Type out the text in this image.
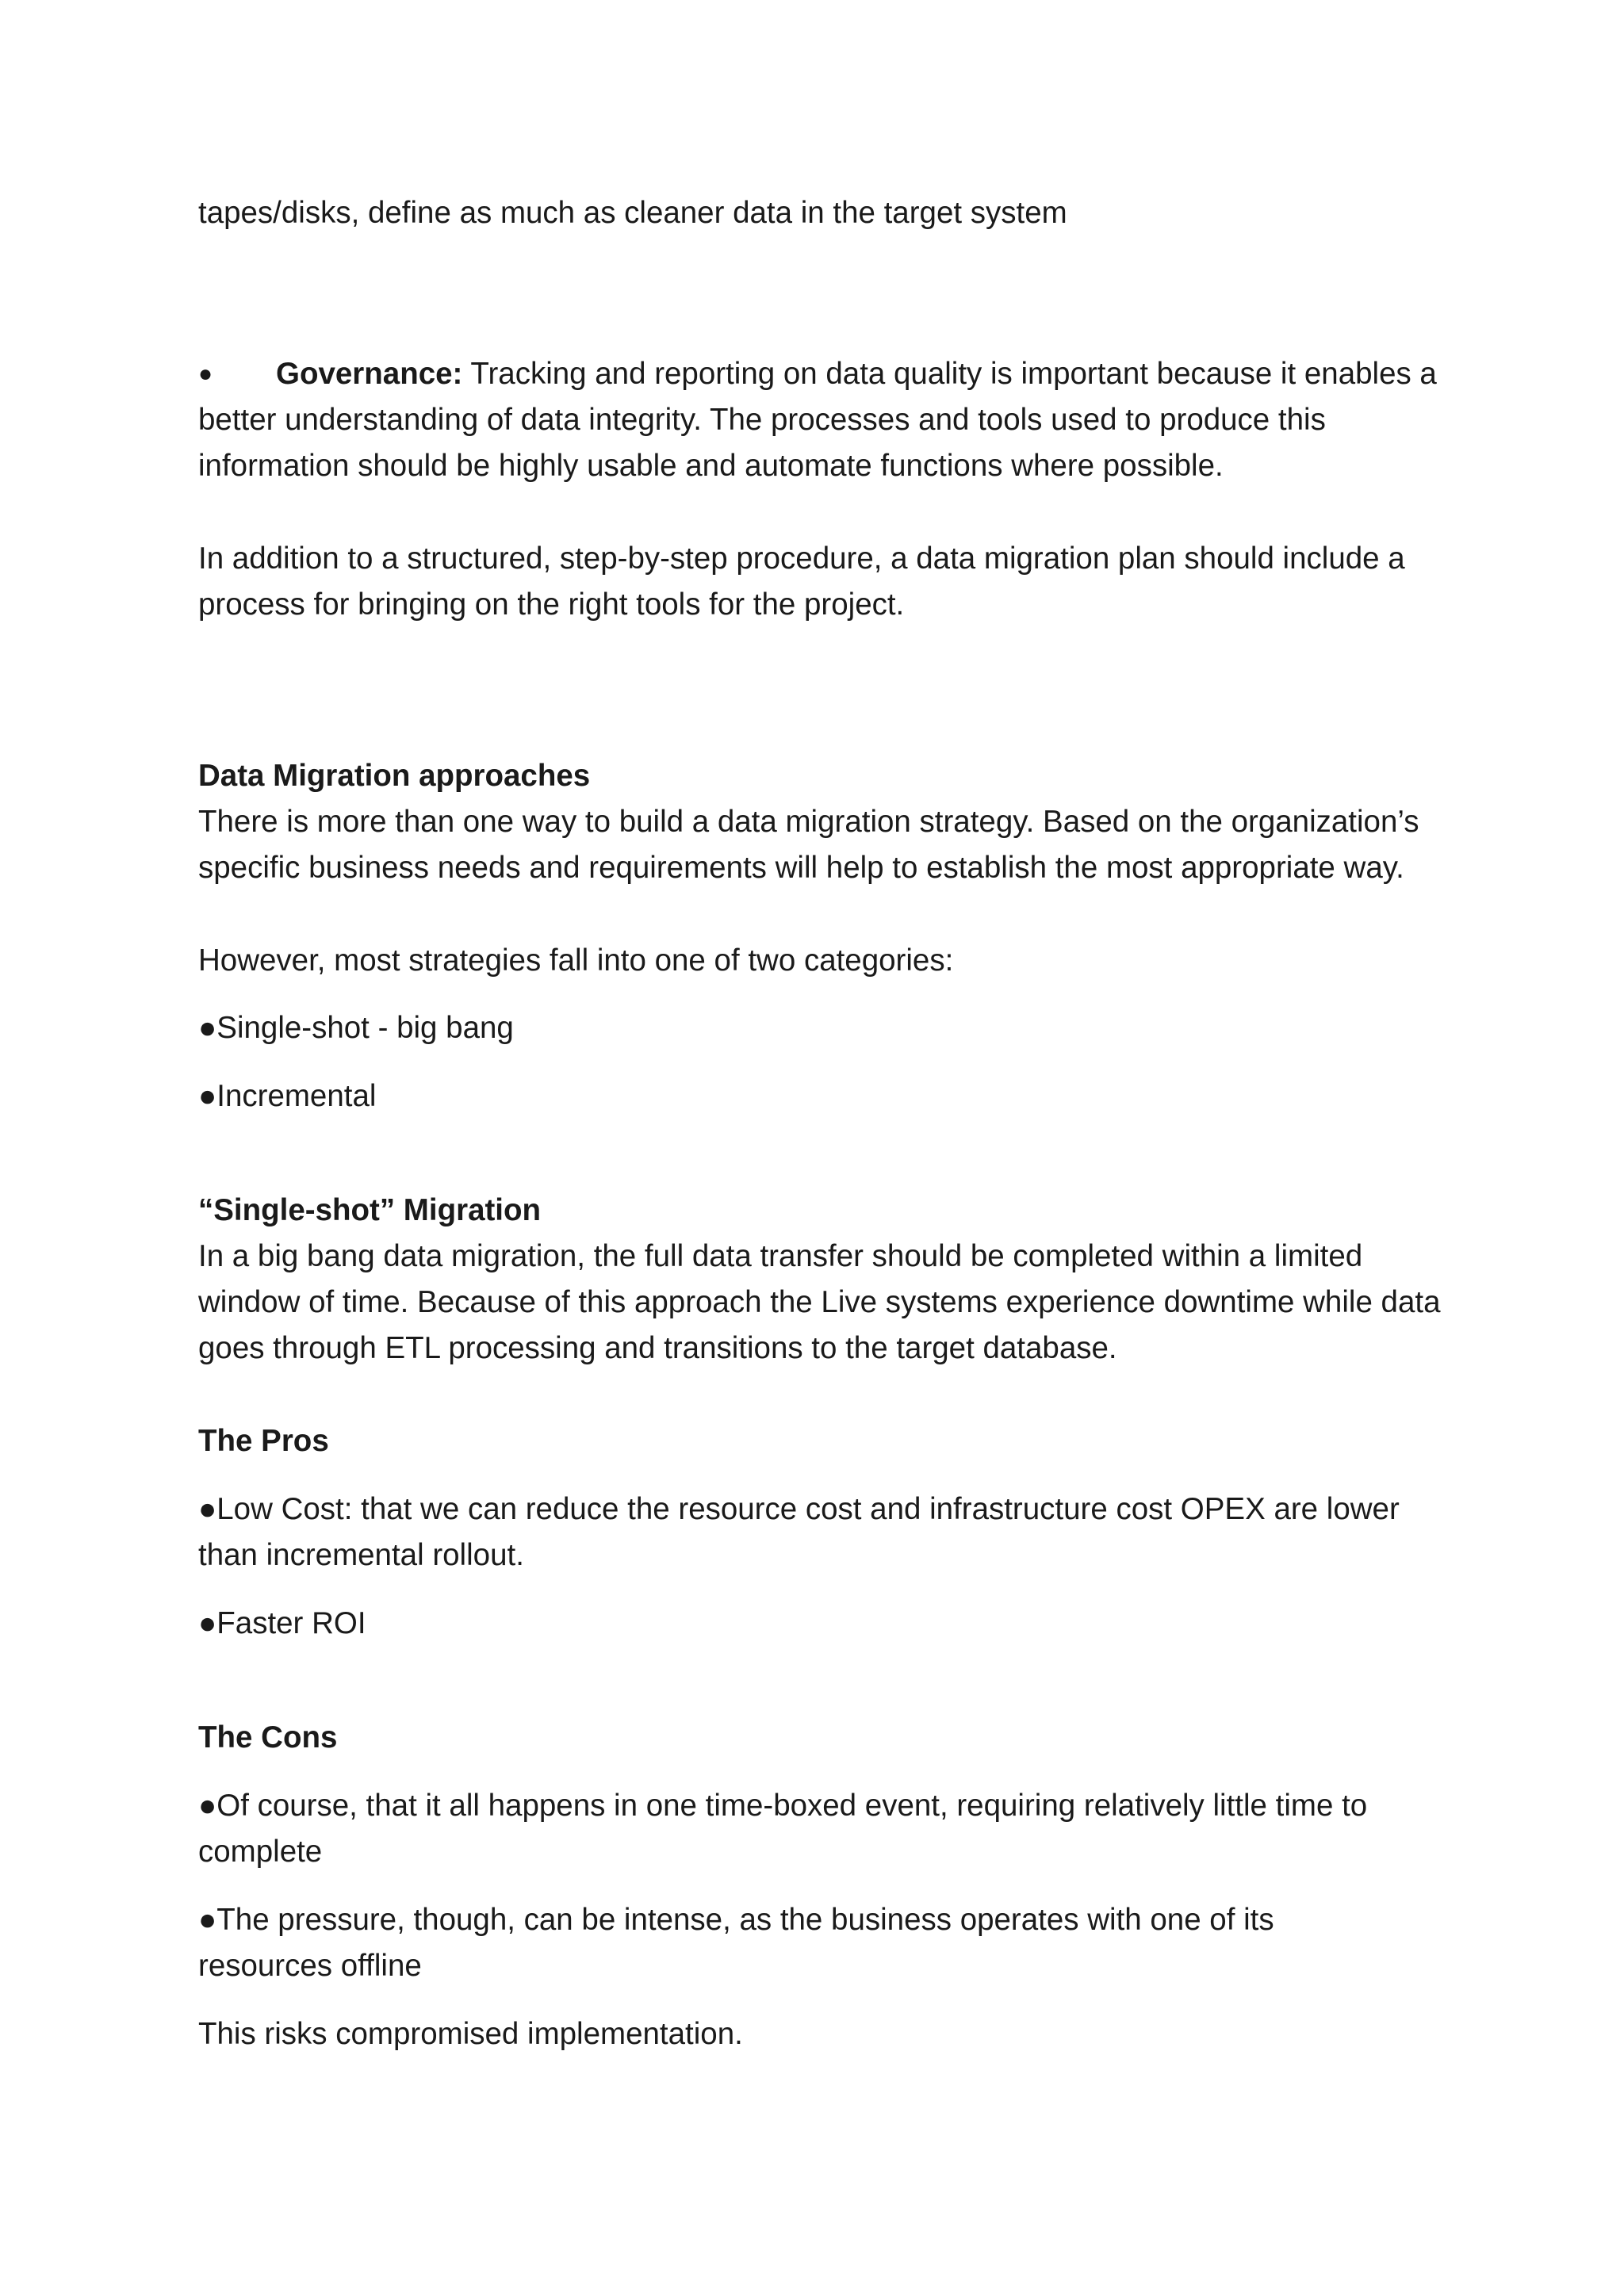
tapes/disks, define as much as cleaner data in the target system

● Governance: Tracking and reporting on data quality is important because it enables a

better understanding of data integrity. The processes and tools used to produce this

information should be highly usable and automate functions where possible.

In addition to a structured, step-by-step procedure, a data migration plan should include a

process for bringing on the right tools for the project.

Data Migration approaches

There is more than one way to build a data migration strategy. Based on the organization’s

specific business needs and requirements will help to establish the most appropriate way.

However, most strategies fall into one of two categories:

●Single-shot - big bang

●Incremental

“Single-shot” Migration

In a big bang data migration, the full data transfer should be completed within a limited

window of time. Because of this approach the Live systems experience downtime while data

goes through ETL processing and transitions to the target database.

The Pros

●Low Cost: that we can reduce the resource cost and infrastructure cost OPEX are lower

than incremental rollout.

●Faster ROI

The Cons

●Of course, that it all happens in one time-boxed event, requiring relatively little time to

complete

●The pressure, though, can be intense, as the business operates with one of its

resources offline

This risks compromised implementation.
